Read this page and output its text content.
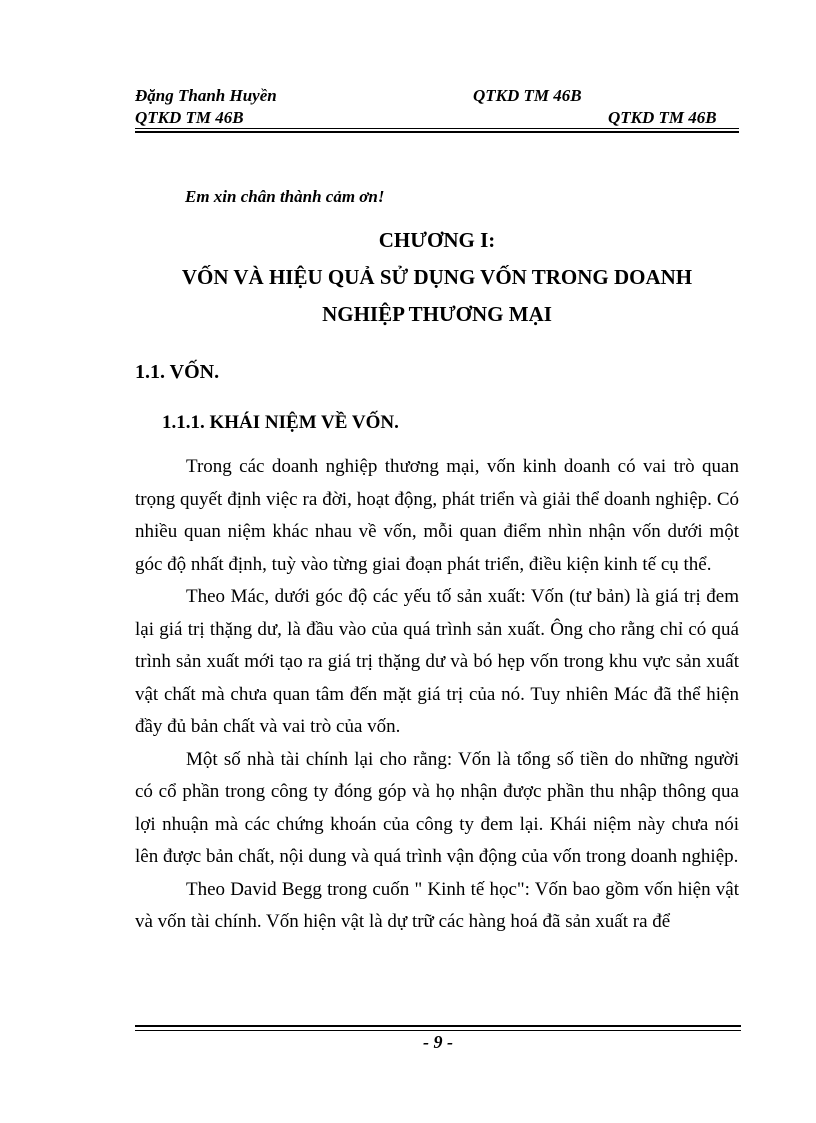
Đặng Thanh Huyền	QTKD TM 46B
QTKD TM 46B	QTKD TM 46B
Em xin chân thành cảm ơn!
CHƯƠNG I:
VỐN VÀ HIỆU QUẢ SỬ DỤNG VỐN TRONG DOANH
NGHIỆP THƯƠNG MẠI
1.1. VỐN.
1.1.1. KHÁI NIỆM VỀ VỐN.

Trong các doanh nghiệp thương mại, vốn kinh doanh có vai trò quan trọng quyết định việc ra đời, hoạt động, phát triển và giải thể doanh nghiệp. Có nhiều quan niệm khác nhau về vốn, mỗi quan điểm nhìn nhận vốn dưới một góc độ nhất định, tuỳ vào từng giai đoạn phát triển, điều kiện kinh tế cụ thể.

Theo Mác, dưới góc độ các yếu tố sản xuất: Vốn (tư bản) là giá trị đem lại giá trị thặng dư, là đầu vào của quá trình sản xuất. Ông cho rằng chỉ có quá trình sản xuất mới tạo ra giá trị thặng dư và bó hẹp vốn trong khu vực sản xuất vật chất mà chưa quan tâm đến mặt giá trị của nó. Tuy nhiên Mác đã thể hiện đầy đủ bản chất và vai trò của vốn.

Một số nhà tài chính lại cho rằng: Vốn là tổng số tiền do những người có cổ phần trong công ty đóng góp và họ nhận được phần thu nhập thông qua lợi nhuận mà các chứng khoán của công ty đem lại. Khái niệm này chưa nói lên được bản chất, nội dung và quá trình vận động của vốn trong doanh nghiệp.

Theo David Begg trong cuốn " Kinh tế học": Vốn bao gồm vốn hiện vật và vốn tài chính. Vốn hiện vật là dự trữ các hàng hoá đã sản xuất ra để

- 9 -
